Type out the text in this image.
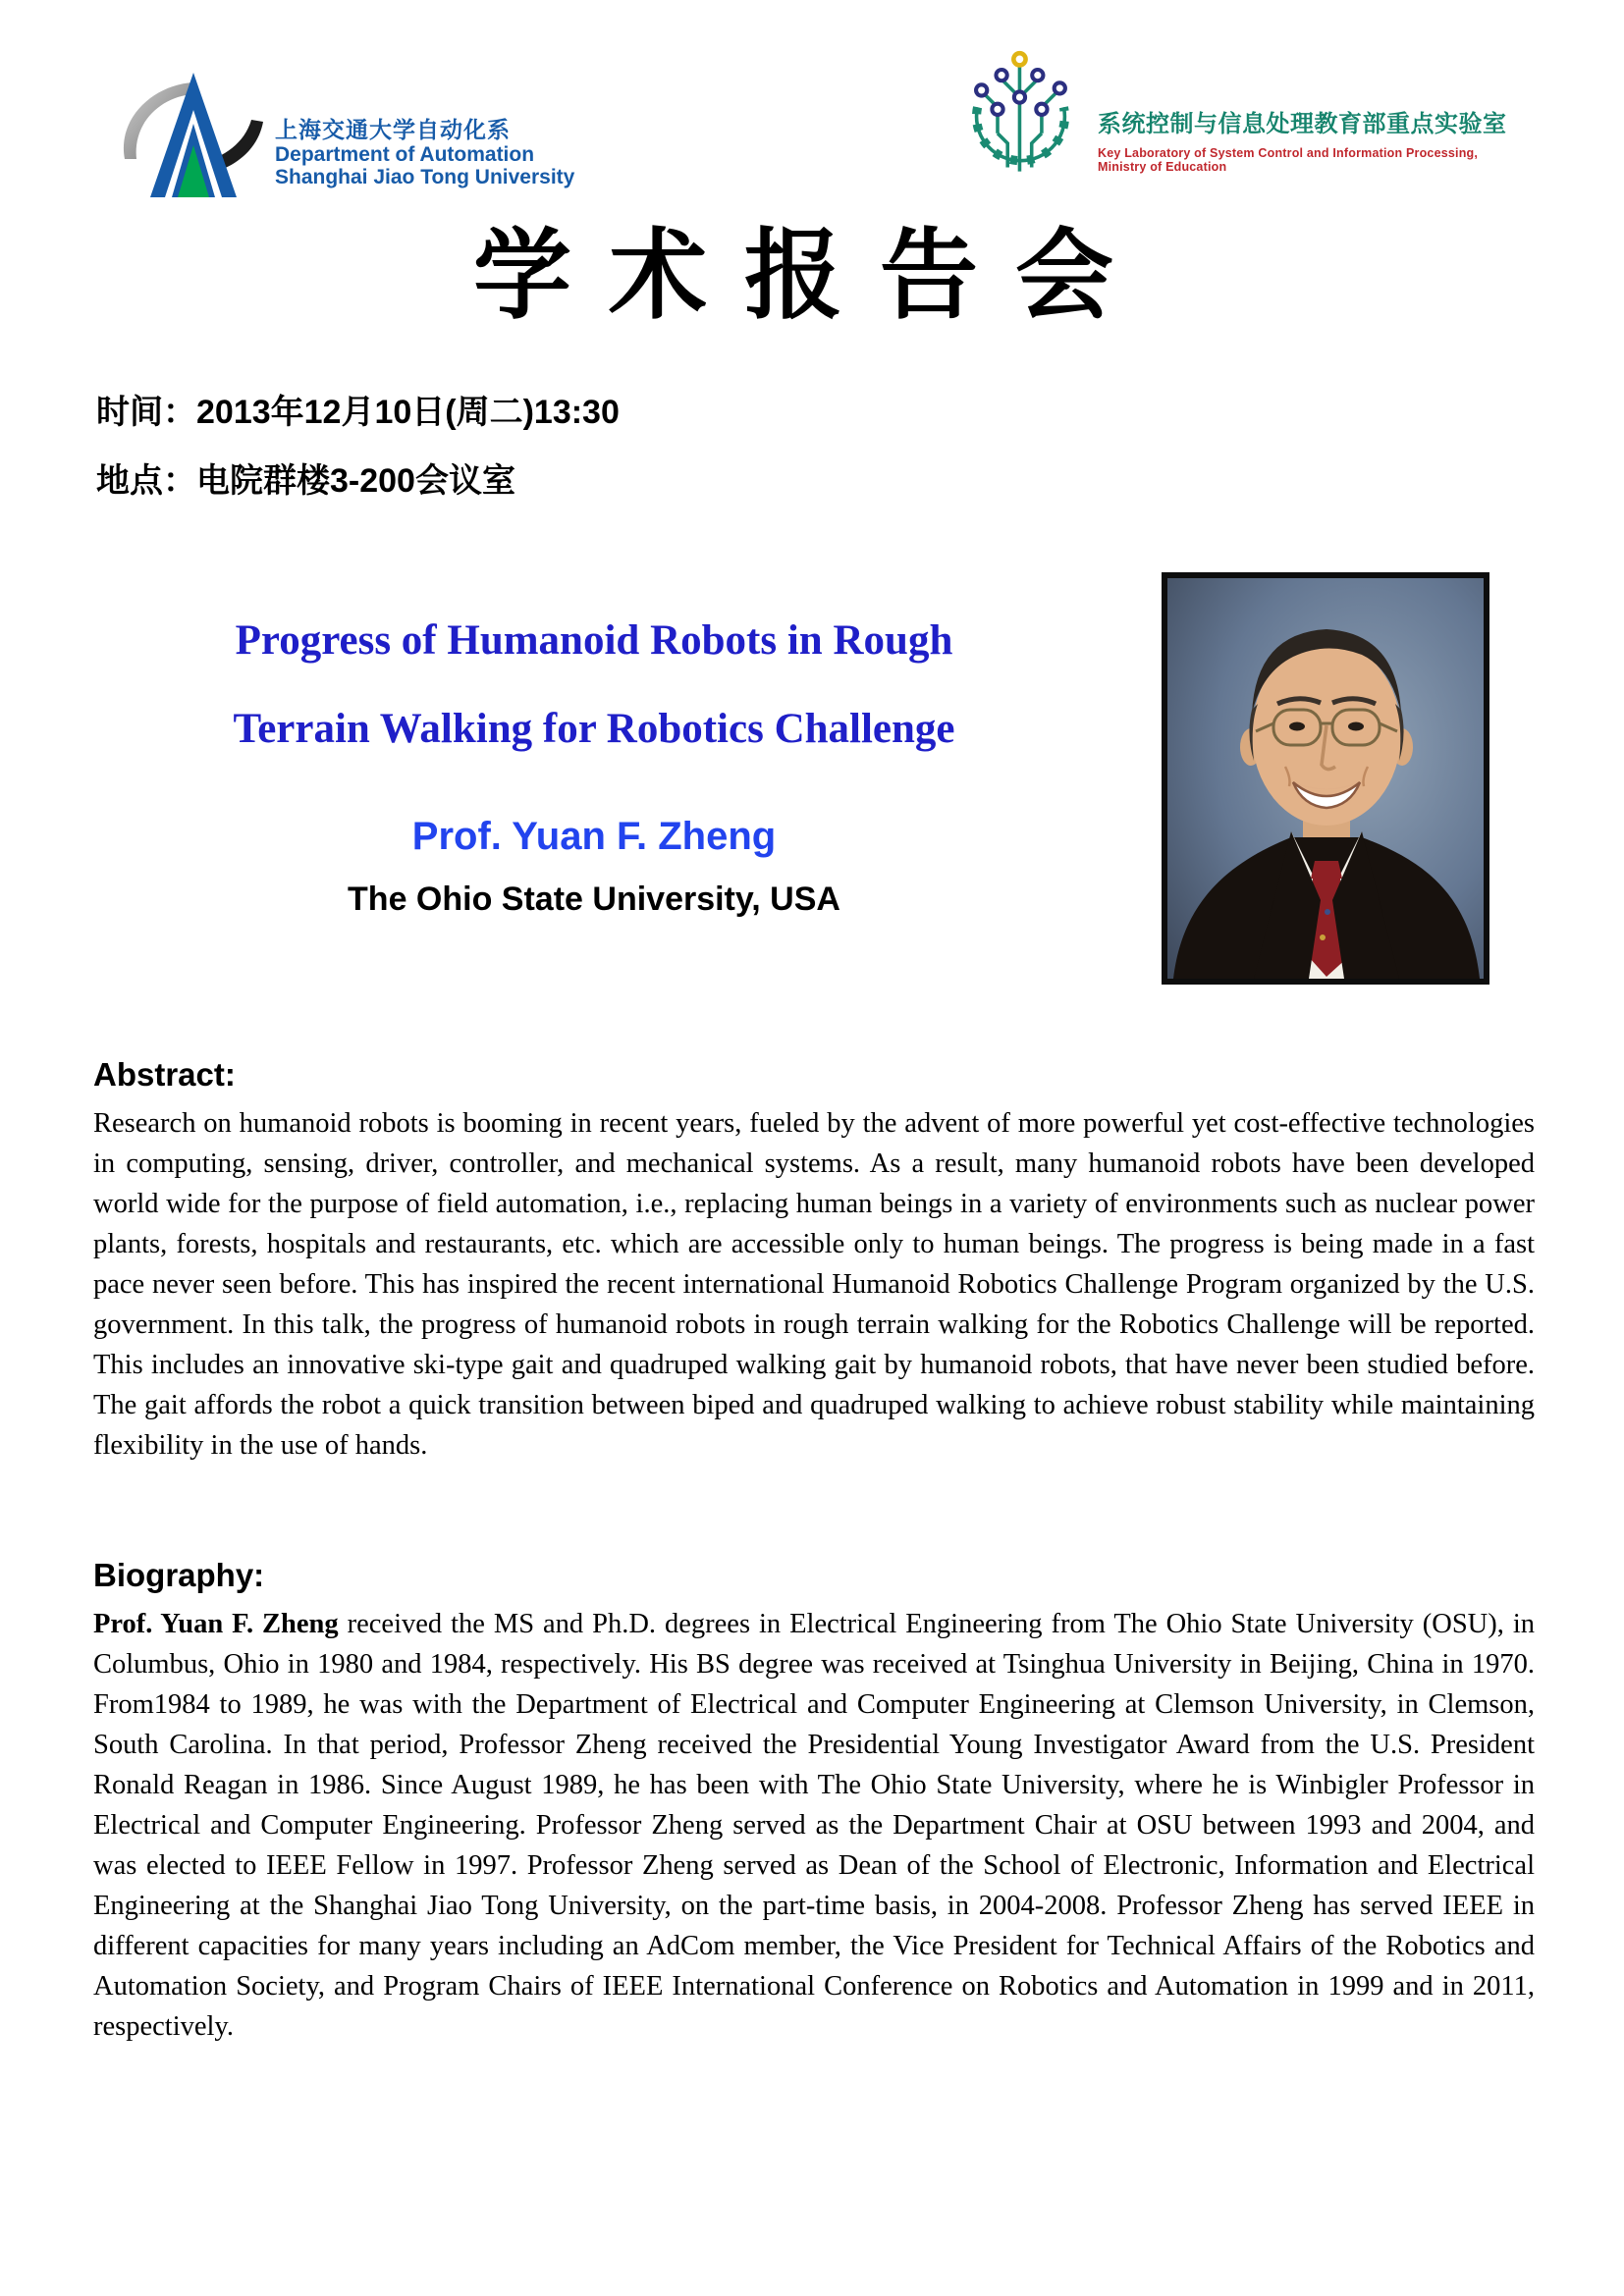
上海交通大学自动化系
Department of Automation
Shanghai Jiao Tong University
系统控制与信息处理教育部重点实验室
Key Laboratory of System Control and Information Processing, Ministry of Education
学术报告会
时间：2013年12月10日(周二)13:30
地点：电院群楼3-200会议室
Progress of Humanoid Robots in Rough
Terrain Walking for Robotics Challenge
Prof. Yuan F. Zheng
The Ohio State University, USA
Abstract:
Research on humanoid robots is booming in recent years, fueled by the advent of more powerful yet cost-effective technologies in computing, sensing, driver, controller, and mechanical systems. As a result, many humanoid robots have been developed world wide for the purpose of field automation, i.e., replacing human beings in a variety of environments such as nuclear power plants, forests, hospitals and restaurants, etc. which are accessible only to human beings. The progress is being made in a fast pace never seen before. This has inspired the recent international Humanoid Robotics Challenge Program organized by the U.S. government. In this talk, the progress of humanoid robots in rough terrain walking for the Robotics Challenge will be reported. This includes an innovative ski-type gait and quadruped walking gait by humanoid robots, that have never been studied before. The gait affords the robot a quick transition between biped and quadruped walking to achieve robust stability while maintaining flexibility in the use of hands.
Biography:
Prof. Yuan F. Zheng received the MS and Ph.D. degrees in Electrical Engineering from The Ohio State University (OSU), in Columbus, Ohio in 1980 and 1984, respectively. His BS degree was received at Tsinghua University in Beijing, China in 1970. From1984 to 1989, he was with the Department of Electrical and Computer Engineering at Clemson University, in Clemson, South Carolina. In that period, Professor Zheng received the Presidential Young Investigator Award from the U.S. President Ronald Reagan in 1986. Since August 1989, he has been with The Ohio State University, where he is Winbigler Professor in Electrical and Computer Engineering. Professor Zheng served as the Department Chair at OSU between 1993 and 2004, and was elected to IEEE Fellow in 1997. Professor Zheng served as Dean of the School of Electronic, Information and Electrical Engineering at the Shanghai Jiao Tong University, on the part-time basis, in 2004-2008. Professor Zheng has served IEEE in different capacities for many years including an AdCom member, the Vice President for Technical Affairs of the Robotics and Automation Society, and Program Chairs of IEEE International Conference on Robotics and Automation in 1999 and in 2011, respectively.
